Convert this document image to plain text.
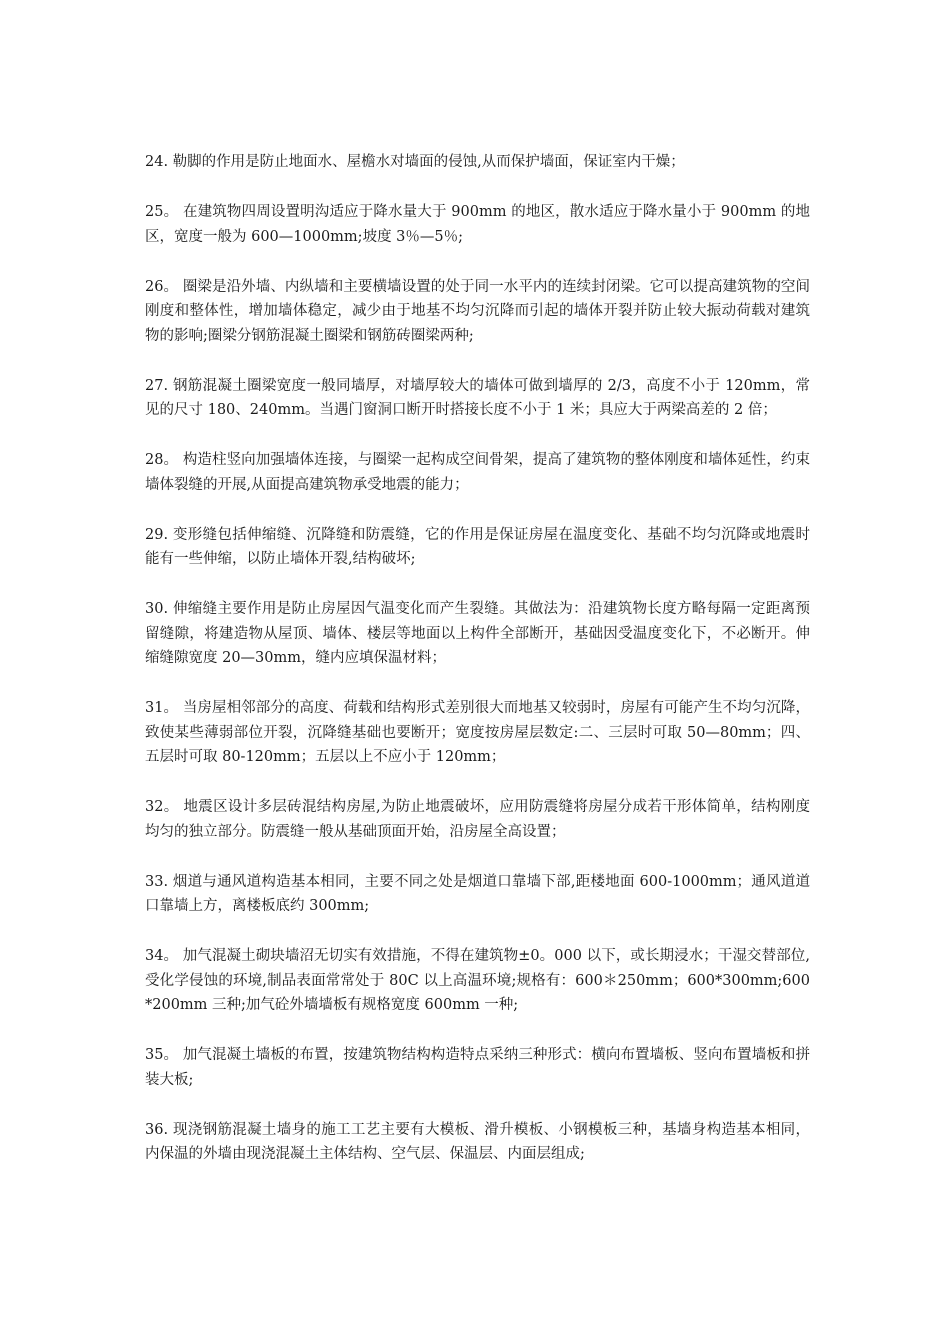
24. 勒脚的作用是防止地面水、屋檐水对墙面的侵蚀,从而保护墙面，保证室内干燥；

25。 在建筑物四周设置明沟适应于降水量大于 900mm 的地区，散水适应于降水量小于 900mm 的地区，宽度一般为 600—1000mm;坡度 3％—5％;

26。 圈梁是沿外墙、内纵墙和主要横墙设置的处于同一水平内的连续封闭梁。它可以提高建筑物的空间刚度和整体性，增加墙体稳定，减少由于地基不均匀沉降而引起的墙体开裂并防止较大振动荷载对建筑物的影响;圈梁分钢筋混凝土圈梁和钢筋砖圈梁两种;

27. 钢筋混凝土圈梁宽度一般同墙厚，对墙厚较大的墙体可做到墙厚的 2/3，高度不小于 120mm，常见的尺寸 180、240mm。当遇门窗洞口断开时搭接长度不小于 1 米；具应大于两梁高差的 2 倍；

28。 构造柱竖向加强墙体连接，与圈梁一起构成空间骨架，提高了建筑物的整体刚度和墙体延性，约束墙体裂缝的开展,从面提高建筑物承受地震的能力；

29. 变形缝包括伸缩缝、沉降缝和防震缝，它的作用是保证房屋在温度变化、基础不均匀沉降或地震时能有一些伸缩，以防止墙体开裂,结构破坏;

30. 伸缩缝主要作用是防止房屋因气温变化而产生裂缝。其做法为：沿建筑物长度方略每隔一定距离预留缝隙，将建造物从屋顶、墙体、楼层等地面以上构件全部断开，基础因受温度变化下，不必断开。伸缩缝隙宽度 20—30mm，缝内应填保温材料；

31。 当房屋相邻部分的高度、荷载和结构形式差别很大而地基又较弱时，房屋有可能产生不均匀沉降，致使某些薄弱部位开裂，沉降缝基础也要断开；宽度按房屋层数定:二、三层时可取 50—80mm；四、五层时可取 80-120mm；五层以上不应小于 120mm；

32。 地震区设计多层砖混结构房屋,为防止地震破坏，应用防震缝将房屋分成若干形体简单，结构刚度均匀的独立部分。防震缝一般从基础顶面开始，沿房屋全高设置；

33. 烟道与通风道构造基本相同，主要不同之处是烟道口靠墙下部,距楼地面 600-1000mm；通风道道口靠墙上方，离楼板底约 300mm;

34。 加气混凝土砌块墙沼无切实有效措施，不得在建筑物±0。000 以下，或长期浸水；干湿交替部位,受化学侵蚀的环境,制品表面常常处于 80C 以上高温环境;规格有：600＊250mm；600*300mm;600*200mm 三种;加气砼外墙墙板有规格宽度 600mm 一种;

35。 加气混凝土墙板的布置，按建筑物结构构造特点采纳三种形式：横向布置墙板、竖向布置墙板和拼装大板;

36. 现浇钢筋混凝土墙身的施工工艺主要有大模板、滑升模板、小钢模板三种，基墙身构造基本相同，内保温的外墙由现浇混凝土主体结构、空气层、保温层、内面层组成;
